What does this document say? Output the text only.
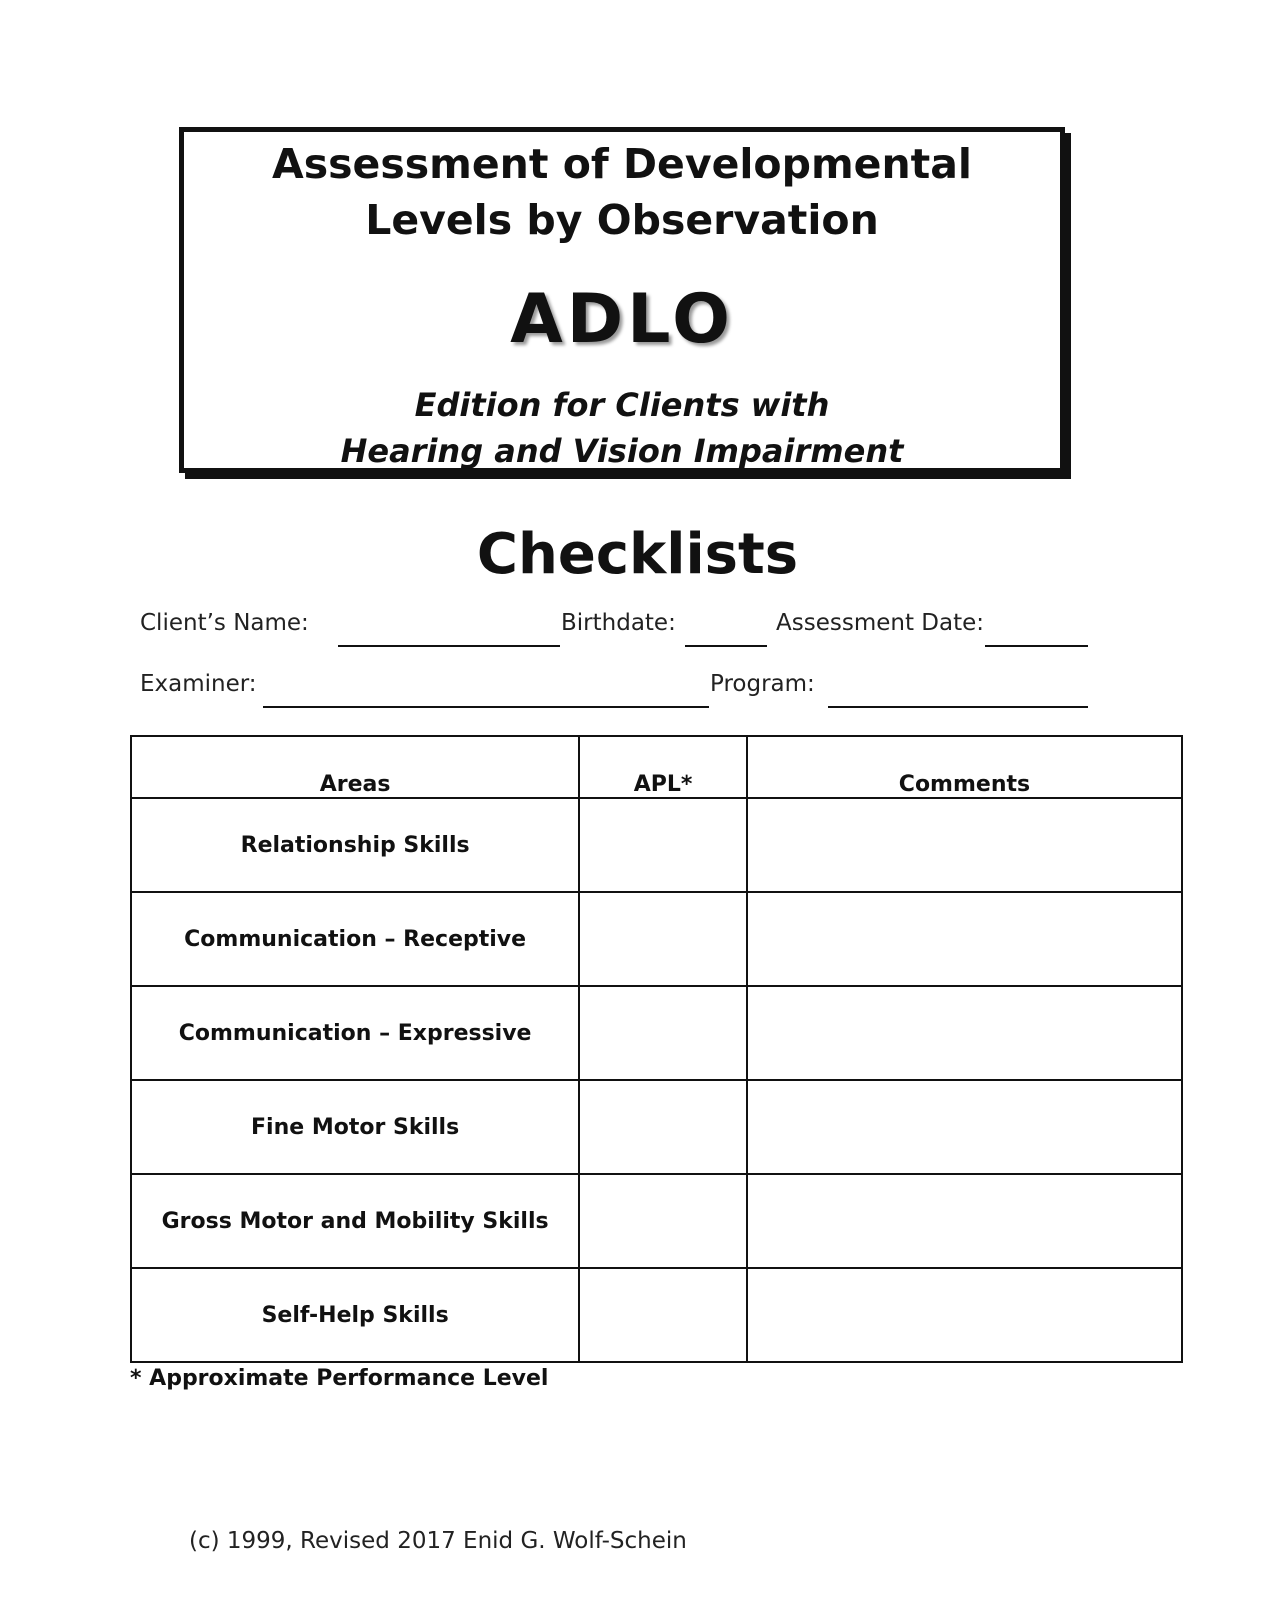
Assessment of Developmental
Levels by Observation
ADLO
Edition for Clients with
Hearing and Vision Impairment
Checklists
Client’s Name:	Birthdate:	Assessment Date:
Examiner:	Program:
Areas	APL*	Comments
Relationship Skills		
Communication – Receptive		
Communication – Expressive		
Fine Motor Skills		
Gross Motor and Mobility Skills		
Self-Help Skills		
* Approximate Performance Level
(c) 1999, Revised 2017 Enid G. Wolf-Schein
